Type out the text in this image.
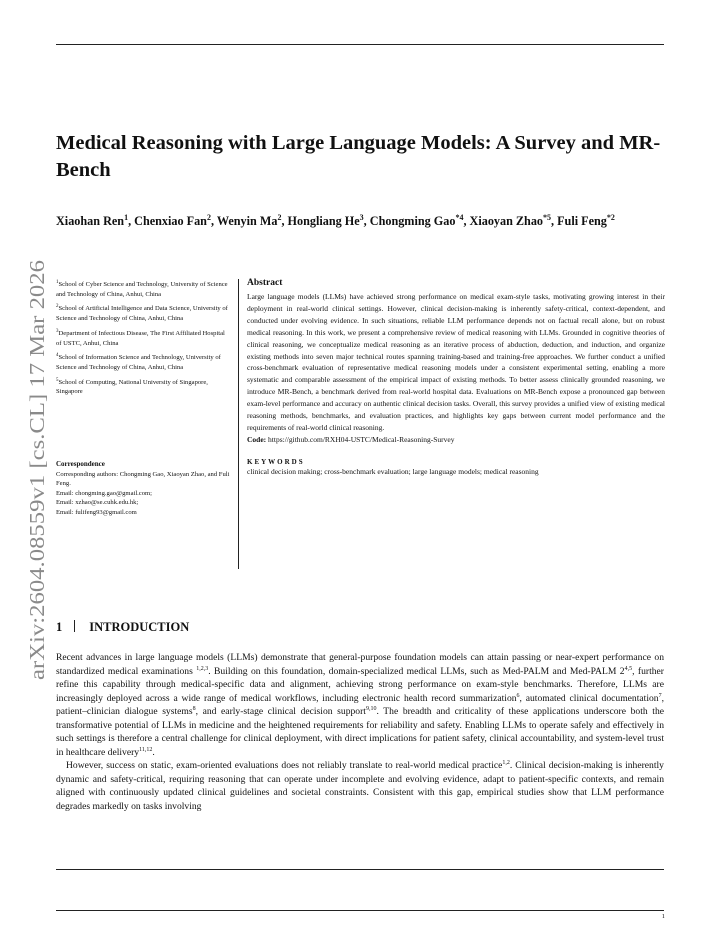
arXiv:2604.08559v1 [cs.CL] 17 Mar 2026
Medical Reasoning with Large Language Models: A Survey and MR-Bench
Xiaohan Ren$^1$, Chenxiao Fan$^2$, Wenyin Ma$^2$, Hongliang He$^3$, Chongming Gao$^{*4}$, Xiaoyan Zhao$^{*5}$, Fuli Feng$^{*2}$
$^1$School of Cyber Science and Technology, University of Science and Technology of China, Anhui, China
$^2$School of Artificial Intelligence and Data Science, University of Science and Technology of China, Anhui, China
$^3$Department of Infectious Disease, The First Affiliated Hospital of USTC, Anhui, China
$^4$School of Information Science and Technology, University of Science and Technology of China, Anhui, China
$^5$School of Computing, National University of Singapore, Singapore
Correspondence
Corresponding authors: Chongming Gao, Xiaoyan Zhao, and Fuli Feng.
Email: chongming.gao@gmail.com;
Email: xzhao@se.cuhk.edu.hk;
Email: fulifeng93@gmail.com
Abstract

Large language models (LLMs) have achieved strong performance on medical exam-style tasks, motivating growing interest in their deployment in real-world clinical settings. However, clinical decision-making is inherently safety-critical, context-dependent, and conducted under evolving evidence. In such situations, reliable LLM performance depends not on factual recall alone, but on robust medical reasoning. In this work, we present a comprehensive review of medical reasoning with LLMs. Grounded in cognitive theories of clinical reasoning, we conceptualize medical reasoning as an iterative process of abduction, deduction, and induction, and organize existing methods into seven major technical routes spanning training-based and training-free approaches. We further conduct a unified cross-benchmark evaluation of representative medical reasoning models under a consistent experimental setting, enabling a more systematic and comparable assessment of the empirical impact of existing methods. To better assess clinically grounded reasoning, we introduce MR-Bench, a benchmark derived from real-world hospital data. Evaluations on MR-Bench expose a pronounced gap between exam-level performance and accuracy on authentic clinical decision tasks. Overall, this survey provides a unified view of existing medical reasoning methods, benchmarks, and evaluation practices, and highlights key gaps between current model performance and the requirements of real-world clinical reasoning.

Code: https://github.com/RXH04-USTC/Medical-Reasoning-Survey

KEYWORDS
clinical decision making; cross-benchmark evaluation; large language models; medical reasoning
1 INTRODUCTION

Recent advances in large language models (LLMs) demonstrate that general-purpose foundation models can attain passing or near-expert performance on standardized medical examinations $^{1,2,3}$. Building on this foundation, domain-specialized medical LLMs, such as Med-PALM and Med-PALM 2$^{4,5}$, further refine this capability through medical-specific data and alignment, achieving strong performance on exam-style benchmarks. Therefore, LLMs are increasingly deployed across a wide range of medical workflows, including electronic health record summarization$^6$, automated clinical documentation$^7$, patient–clinician dialogue systems$^8$, and early-stage clinical decision support$^{9,10}$. The breadth and criticality of these applications underscore both the transformative potential of LLMs in medicine and the heightened requirements for reliability and safety. Enabling LLMs to operate safely and effectively in such settings is therefore a central challenge for clinical deployment, with direct implications for patient safety, clinical accountability, and system-level trust in healthcare delivery$^{11,12}$.

However, success on static, exam-oriented evaluations does not reliably translate to real-world medical practice$^{1,2}$. Clinical decision-making is inherently dynamic and safety-critical, requiring reasoning that can operate under incomplete and evolving evidence, adapt to patient-specific contexts, and remain aligned with continuously updated clinical guidelines and societal constraints. Consistent with this gap, empirical studies show that LLM performance degrades markedly on tasks involving

1
